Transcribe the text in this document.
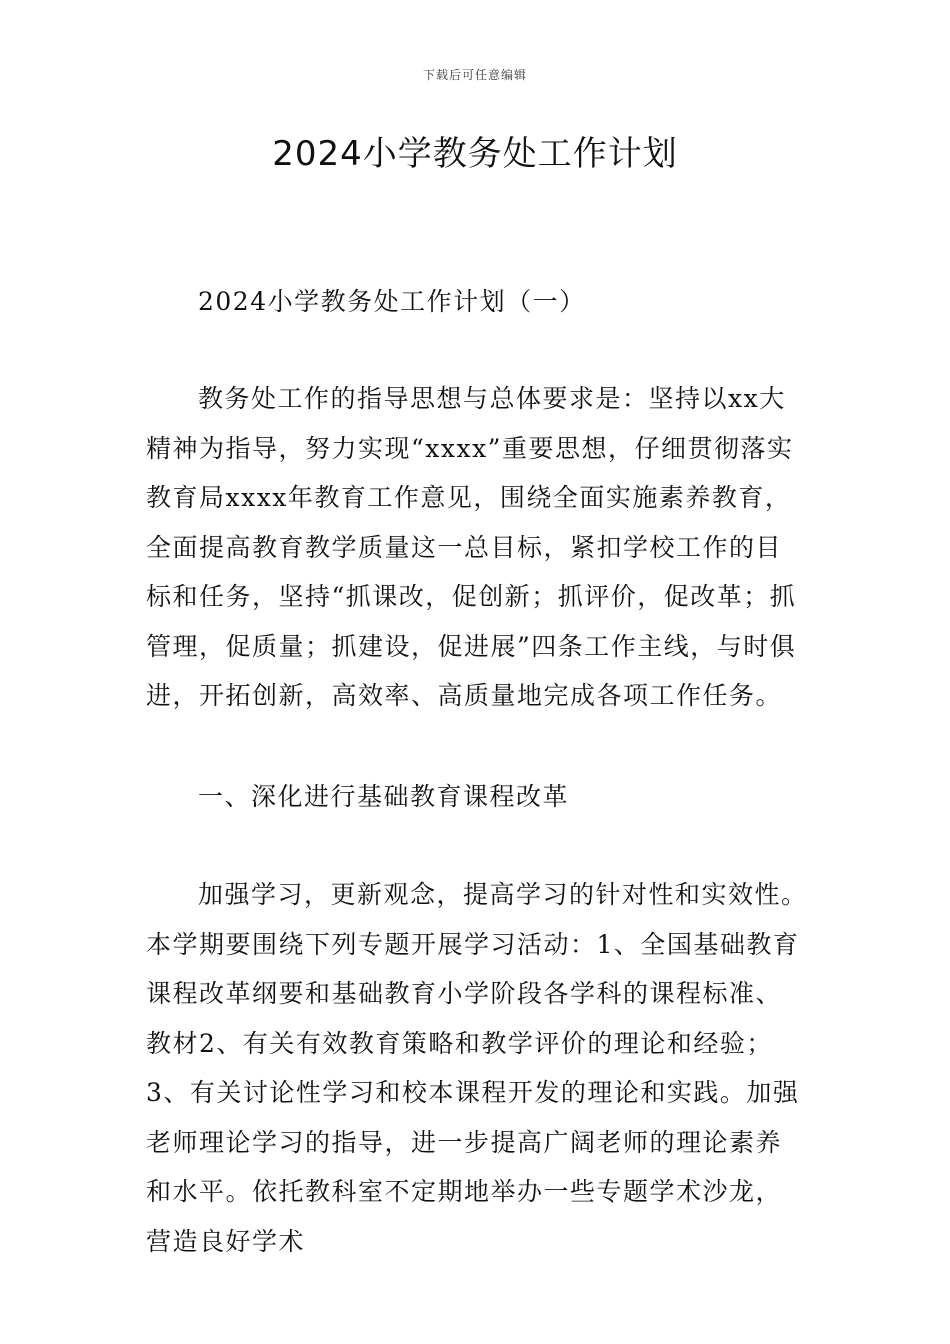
下载后可任意编辑
2024小学教务处工作计划

2024小学教务处工作计划（一）

教务处工作的指导思想与总体要求是：坚持以xx大精神为指导，努力实现“xxxx”重要思想，仔细贯彻落实教育局xxxx年教育工作意见，围绕全面实施素养教育，全面提高教育教学质量这一总目标，紧扣学校工作的目标和任务，坚持“抓课改，促创新；抓评价，促改革；抓管理，促质量；抓建设，促进展”四条工作主线，与时俱进，开拓创新，高效率、高质量地完成各项工作任务。

一、深化进行基础教育课程改革

加强学习，更新观念，提高学习的针对性和实效性。本学期要围绕下列专题开展学习活动：1、全国基础教育课程改革纲要和基础教育小学阶段各学科的课程标准、教材2、有关有效教育策略和教学评价的理论和经验；3、有关讨论性学习和校本课程开发的理论和实践。加强老师理论学习的指导，进一步提高广阔老师的理论素养和水平。依托教科室不定期地举办一些专题学术沙龙，营造良好学术
